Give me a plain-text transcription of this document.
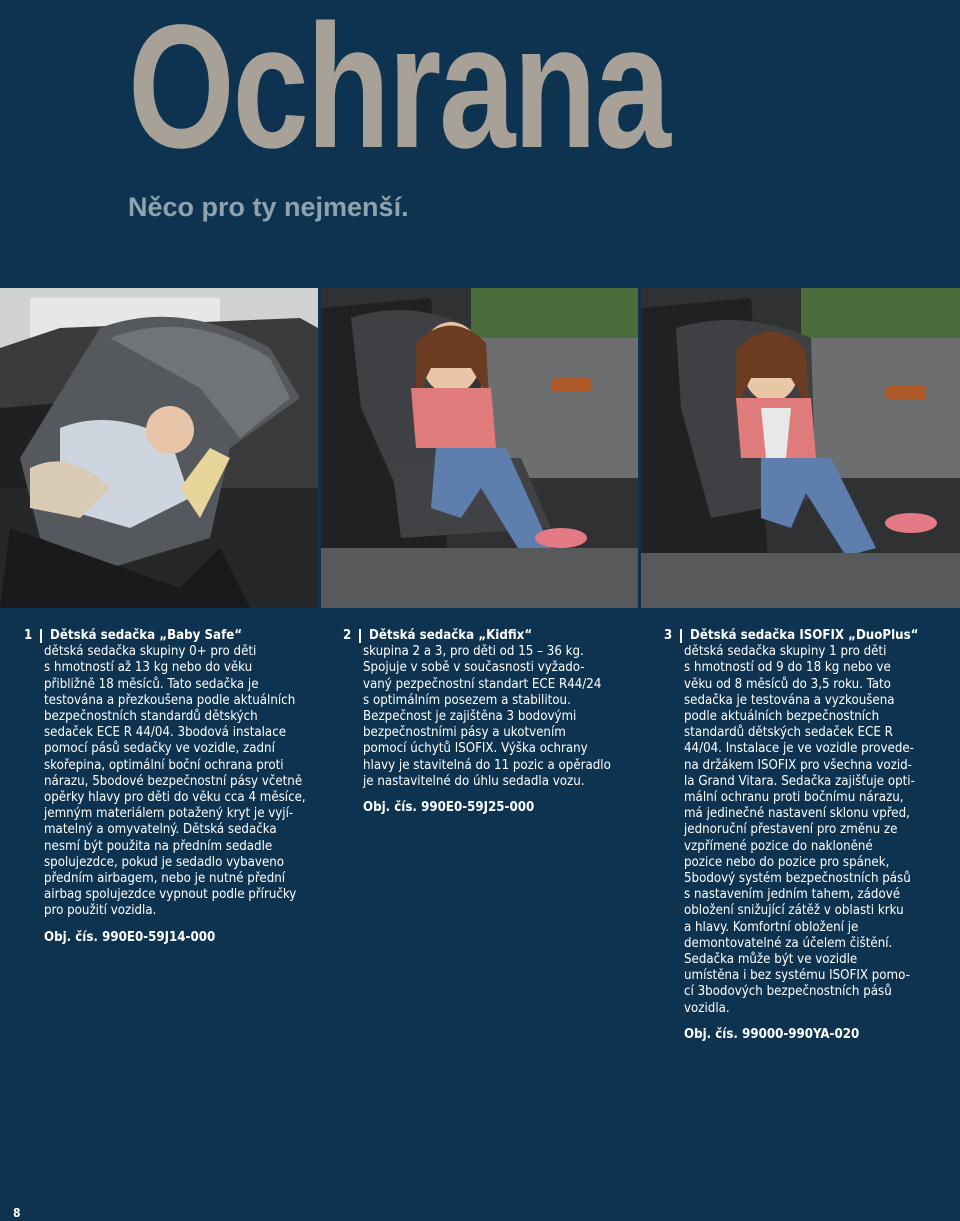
Ochrana
Něco pro ty nejmenší.
1 Dětská sedačka „Baby Safe“
dětská sedačka skupiny 0+ pro děti
s hmotností až 13 kg nebo do věku
přibližně 18 měsíců. Tato sedačka je
testována a přezkoušena podle aktuálních
bezpečnostních standardů dětských
sedaček ECE R 44/04. 3bodová instalace
pomocí pásů sedačky ve vozidle, zadní
skořepina, optimální boční ochrana proti
nárazu, 5bodové bezpečnostní pásy včetně
opěrky hlavy pro děti do věku cca 4 měsíce,
jemným materiálem potažený kryt je vyjí-
matelný a omyvatelný. Dětská sedačka
nesmí být použita na předním sedadle
spolujezdce, pokud je sedadlo vybaveno
předním airbagem, nebo je nutné přední
airbag spolujezdce vypnout podle příručky
pro použití vozidla.
Obj. čís. 990E0-59J14-000
2 Dětská sedačka „Kidfix“
skupina 2 a 3, pro děti od 15 – 36 kg.
Spojuje v sobě v současnosti vyžado-
vaný pezpečnostní standart ECE R44/24
s optimálním posezem a stabilitou.
Bezpečnost je zajištěna 3 bodovými
bezpečnostními pásy a ukotvením
pomocí úchytů ISOFIX. Výška ochrany
hlavy je stavitelná do 11 pozic a opěradlo
je nastavitelné do úhlu sedadla vozu.
Obj. čís. 990E0-59J25-000
3 Dětská sedačka ISOFIX „DuoPlus“
dětská sedačka skupiny 1 pro děti
s hmotností od 9 do 18 kg nebo ve
věku od 8 měsíců do 3,5 roku. Tato
sedačka je testována a vyzkoušena
podle aktuálních bezpečnostních
standardů dětských sedaček ECE R
44/04. Instalace je ve vozidle provede-
na držákem ISOFIX pro všechna vozid-
la Grand Vitara. Sedačka zajišťuje opti-
mální ochranu proti bočnímu nárazu,
má jedinečné nastavení sklonu vpřed,
jednoruční přestavení pro změnu ze
vzpřímené pozice do nakloněné
pozice nebo do pozice pro spánek,
5bodový systém bezpečnostních pásů
s nastavením jedním tahem, zádové
obložení snižující zátěž v oblasti krku
a hlavy. Komfortní obložení je
demontovatelné za účelem čištění.
Sedačka může být ve vozidle
umístěna i bez systému ISOFIX pomo-
cí 3bodových bezpečnostních pásů
vozidla.
Obj. čís. 99000-990YA-020
8
